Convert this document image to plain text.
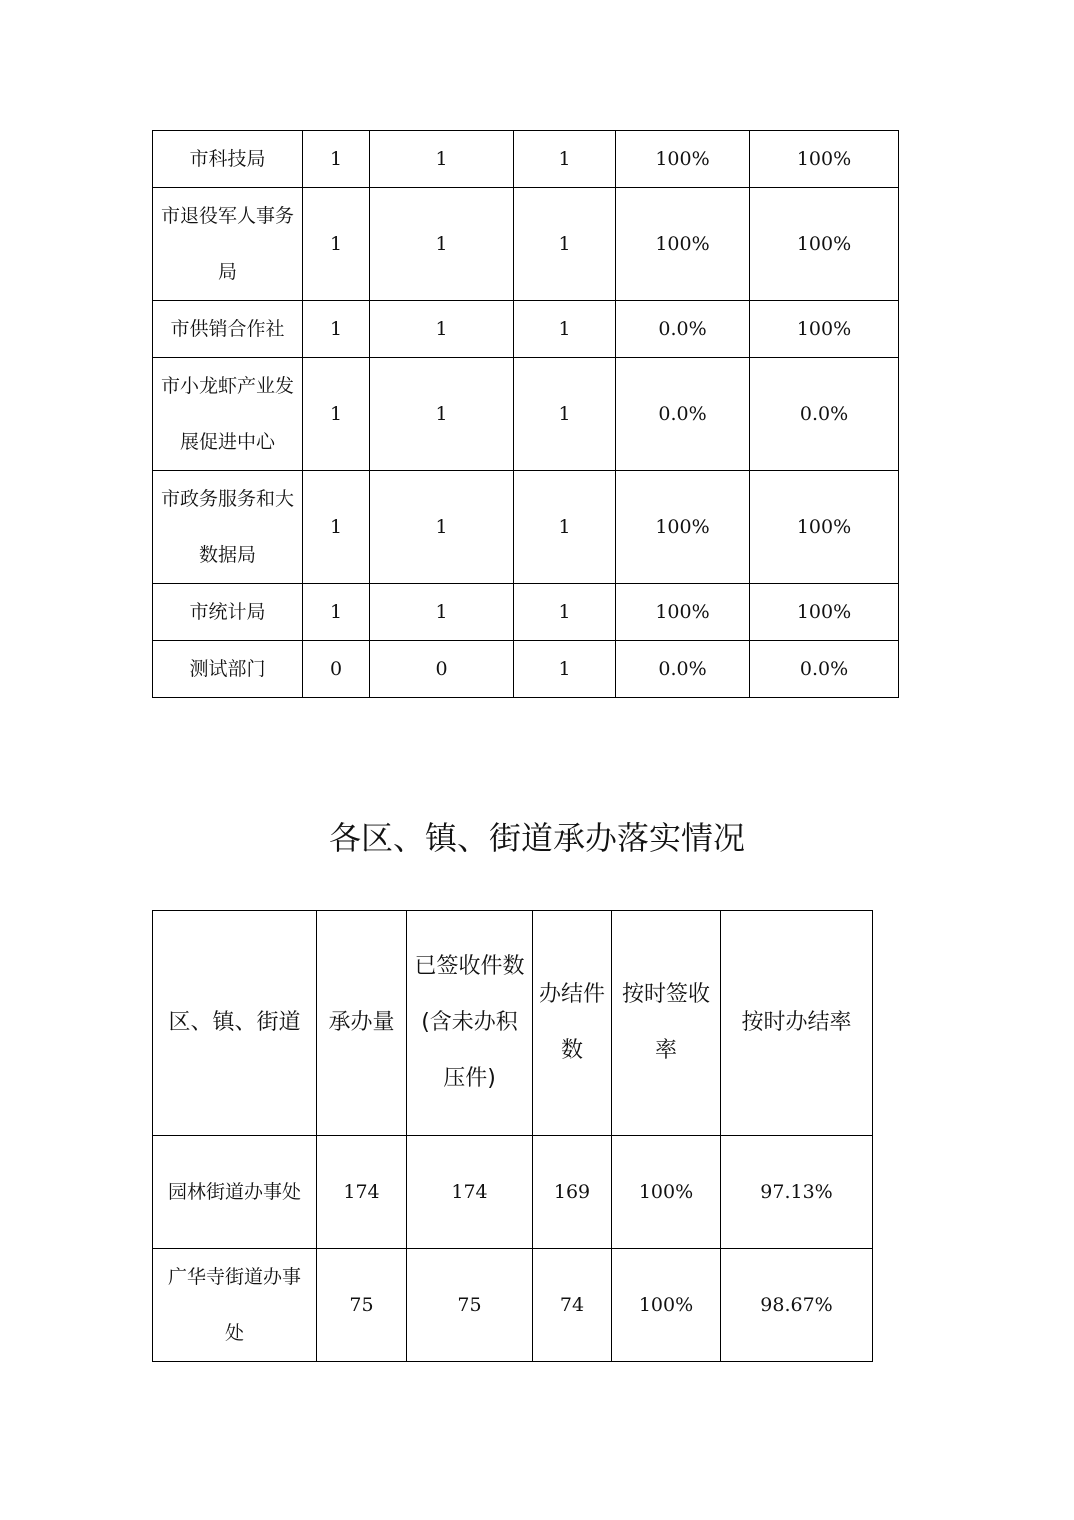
市科技局	1	1	1	100%	100%
市退役军人事务局	1	1	1	100%	100%
市供销合作社	1	1	1	0.0%	100%
市小龙虾产业发展促进中心	1	1	1	0.0%	0.0%
市政务服务和大数据局	1	1	1	100%	100%
市统计局	1	1	1	100%	100%
测试部门	0	0	1	0.0%	0.0%
各区、镇、街道承办落实情况
区、镇、街道	承办量	已签收件数(含未办积压件)	办结件数	按时签收率	按时办结率
园林街道办事处	174	174	169	100%	97.13%
广华寺街道办事处	75	75	74	100%	98.67%
